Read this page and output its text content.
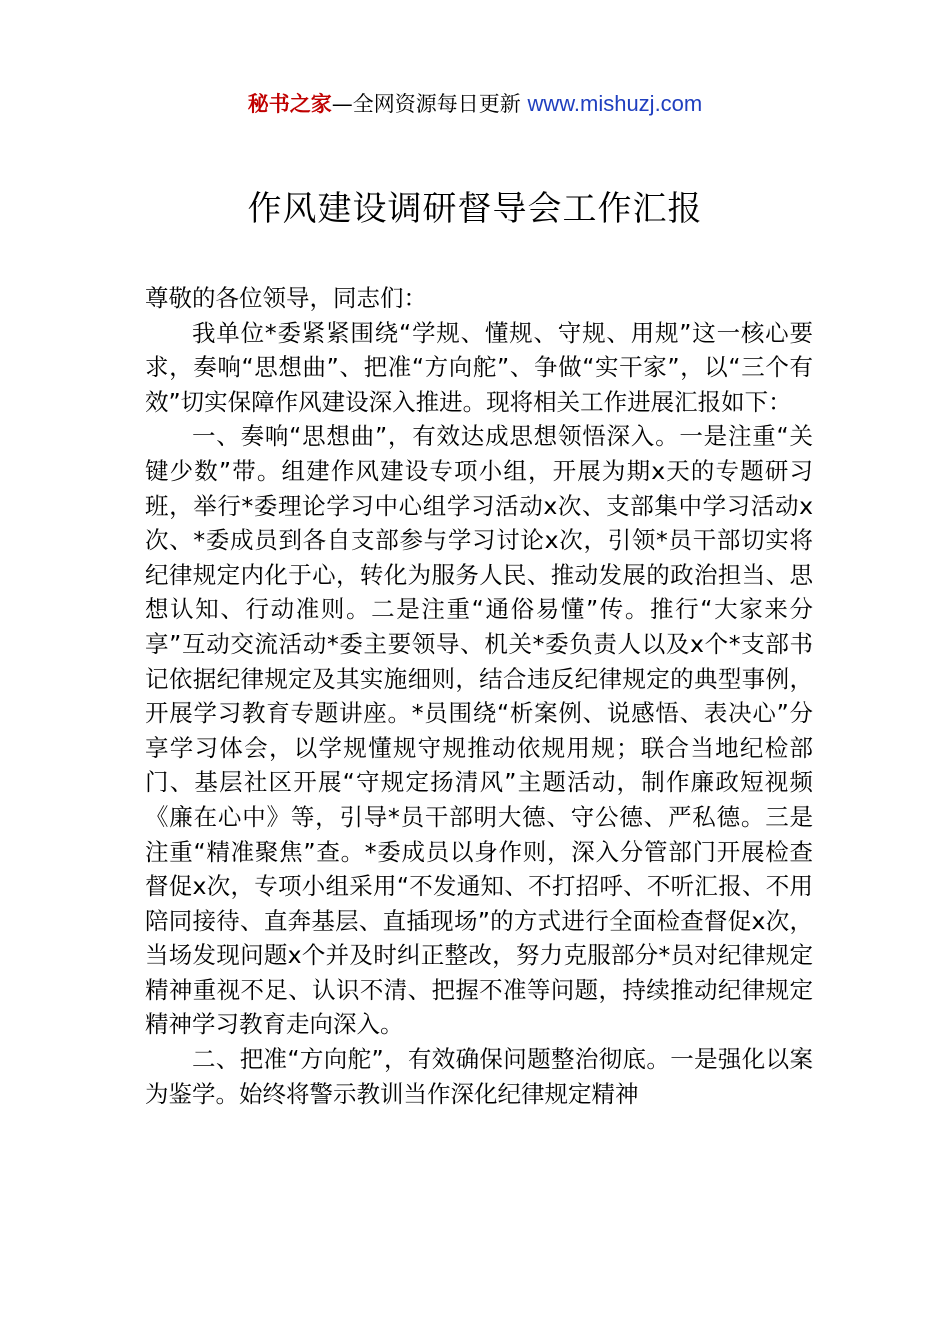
秘书之家—全网资源每日更新 www.mishuzj.com
作风建设调研督导会工作汇报

尊敬的各位领导，同志们：

我单位*委紧紧围绕“学规、懂规、守规、用规”这一核心要求，奏响“思想曲”、把准“方向舵”、争做“实干家”，以“三个有效”切实保障作风建设深入推进。现将相关工作进展汇报如下：

一、奏响“思想曲”，有效达成思想领悟深入。一是注重“关键少数”带。组建作风建设专项小组，开展为期x天的专题研习班，举行*委理论学习中心组学习活动x次、支部集中学习活动x次、*委成员到各自支部参与学习讨论x次，引领*员干部切实将纪律规定内化于心，转化为服务人民、推动发展的政治担当、思想认知、行动准则。二是注重“通俗易懂”传。推行“大家来分享”互动交流活动*委主要领导、机关*委负责人以及x个*支部书记依据纪律规定及其实施细则，结合违反纪律规定的典型事例，开展学习教育专题讲座。*员围绕“析案例、说感悟、表决心”分享学习体会，以学规懂规守规推动依规用规；联合当地纪检部门、基层社区开展“守规定扬清风”主题活动，制作廉政短视频《廉在心中》等，引导*员干部明大德、守公德、严私德。三是注重“精准聚焦”查。*委成员以身作则，深入分管部门开展检查督促x次，专项小组采用“不发通知、不打招呼、不听汇报、不用陪同接待、直奔基层、直插现场”的方式进行全面检查督促x次，当场发现问题x个并及时纠正整改，努力克服部分*员对纪律规定精神重视不足、认识不清、把握不准等问题，持续推动纪律规定精神学习教育走向深入。

二、把准“方向舵”，有效确保问题整治彻底。一是强化以案为鉴学。始终将警示教训当作深化纪律规定精神
